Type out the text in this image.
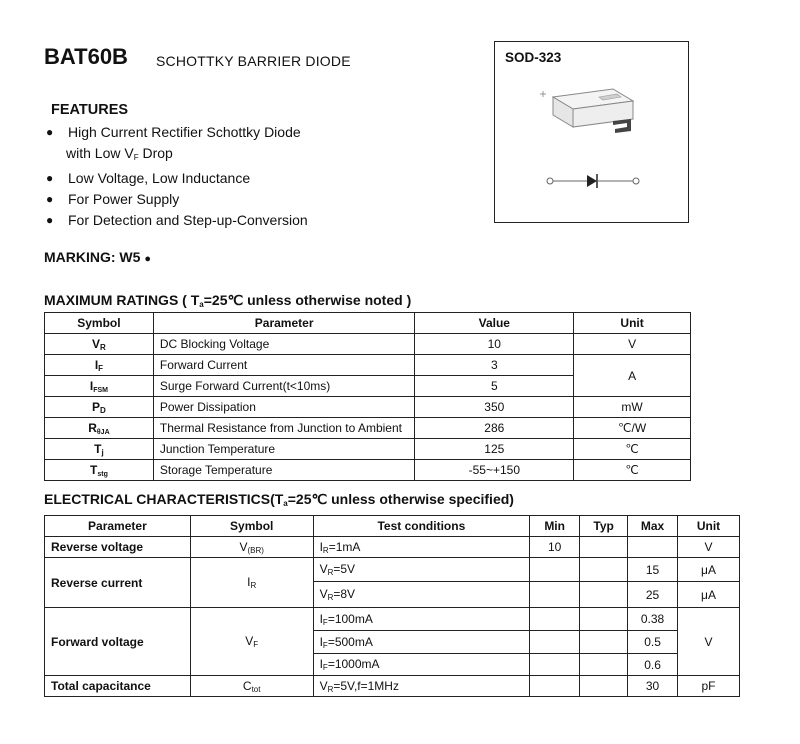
BAT60B SCHOTTKY BARRIER DIODE
FEATURES
● High Current Rectifier Schottky Diode
with Low $V_F$ Drop
● Low Voltage, Low Inductance
● For Power Supply
● For Detection and Step-up-Conversion
MARKING: W5 ●
SOD-323
MAXIMUM RATINGS ( $T_a=25℃$ unless otherwise noted )
Symbol	Parameter	Value	Unit
$V_R$	DC Blocking Voltage	10	V
$I_F$	Forward Current	3	A
$I_{FSM}$	Surge Forward Current(t<10ms)	5	
$P_D$	Power Dissipation	350	mW
$R_{\theta JA}$	Thermal Resistance from Junction to Ambient	286	℃/W
$T_j$	Junction Temperature	125	℃
$T_{stg}$	Storage Temperature	-55~+150	℃
ELECTRICAL $CHARACTERISTICS(T_a=25℃$ unless otherwise specified)
Parameter	Symbol	Test conditions	Min	Typ	Max	Unit
Reverse voltage	$V_{(BR)}$	$I_R=1mA$	10			V
Reverse current	$I_R$	$V_R=5V$			15	μA
		$V_R=8V$			25	μA
Forward voltage	$V_F$	$I_F=100mA$			0.38	V
		$I_F=500mA$			0.5	
		$I_F=1000mA$			0.6	
Total capacitance	$C_{tot}$	$V_R=5V,f=1MHz$			30	pF
